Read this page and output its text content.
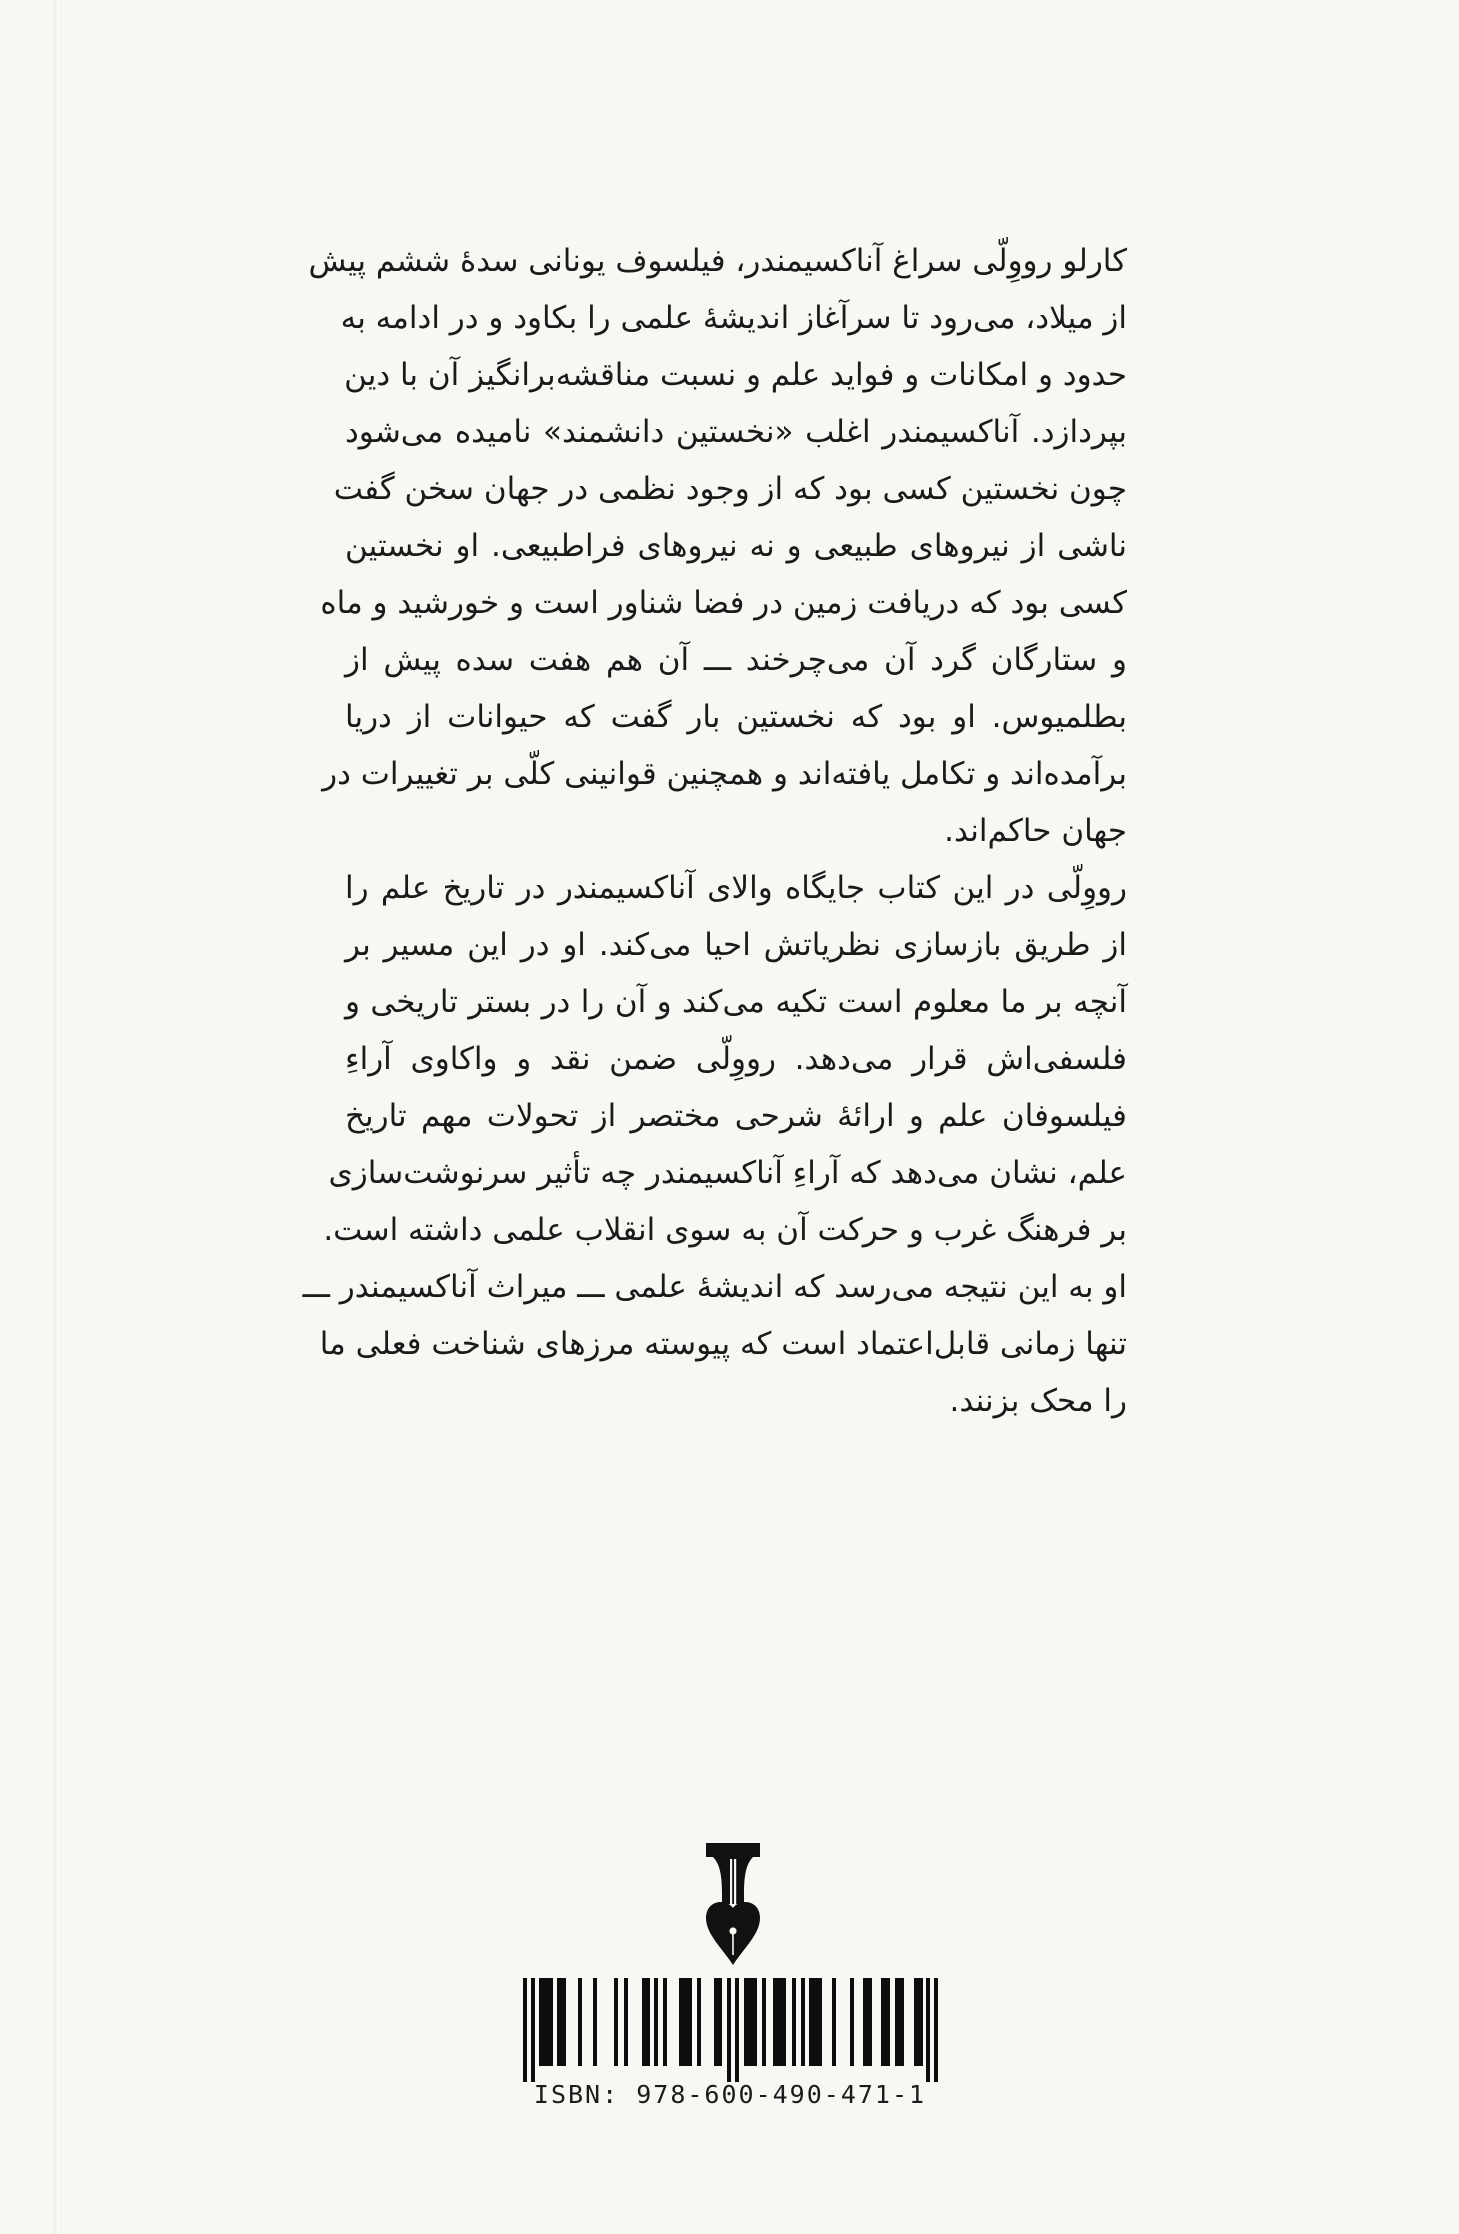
کارلو رووِلّی سراغ آناکسیمندر، فیلسوف یونانی سدهٔ ششم پیش
از میلاد، می‌رود تا سرآغاز اندیشهٔ علمی را بکاود و در ادامه به
حدود و امکانات و فواید علم و نسبت مناقشه‌برانگیز آن با دین
بپردازد. آناکسیمندر اغلب «نخستین دانشمند» نامیده می‌شود
چون نخستین کسی بود که از وجود نظمی در جهان سخن گفت
ناشی از نیروهای طبیعی و نه نیروهای فراطبیعی. او نخستین
کسی بود که دریافت زمین در فضا شناور است و خورشید و ماه
و ستارگان گرد آن می‌چرخند ـــ آن هم هفت سده پیش از
بطلمیوس. او بود که نخستین بار گفت که حیوانات از دریا
برآمده‌اند و تکامل یافته‌اند و همچنین قوانینی کلّی بر تغییرات در
جهان حاکم‌اند.
رووِلّی در این کتاب جایگاه والای آناکسیمندر در تاریخ علم را
از طریق بازسازی نظریاتش احیا می‌کند. او در این مسیر بر
آنچه بر ما معلوم است تکیه می‌کند و آن را در بستر تاریخی و
فلسفی‌اش قرار می‌دهد. رووِلّی ضمن نقد و واکاوی آراءِ
فیلسوفان علم و ارائهٔ شرحی مختصر از تحولات مهم تاریخ
علم، نشان می‌دهد که آراءِ آناکسیمندر چه تأثیر سرنوشت‌سازی
بر فرهنگ غرب و حرکت آن به سوی انقلاب علمی داشته است.
او به این نتیجه می‌رسد که اندیشهٔ علمی ـــ میراث آناکسیمندر ـــ
تنها زمانی قابل‌اعتماد است که پیوسته مرزهای شناخت فعلی ما
را محک بزنند.
ISBN: 978-600-490-471-1
